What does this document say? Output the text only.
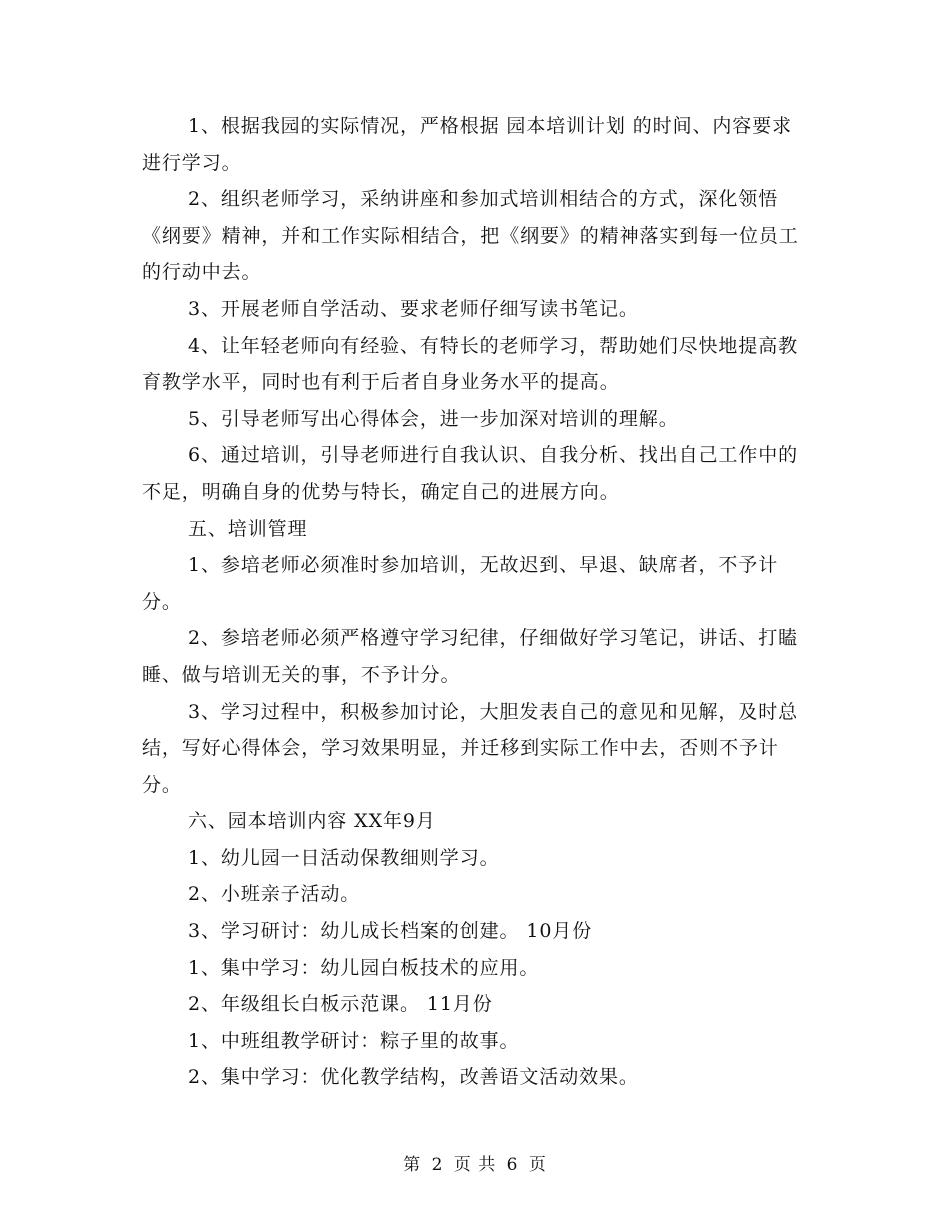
1、根据我园的实际情况，严格根据 园本培训计划 的时间、内容要求进行学习。

2、组织老师学习，采纳讲座和参加式培训相结合的方式，深化领悟《纲要》精神，并和工作实际相结合，把《纲要》的精神落实到每一位员工的行动中去。

3、开展老师自学活动、要求老师仔细写读书笔记。

4、让年轻老师向有经验、有特长的老师学习，帮助她们尽快地提高教育教学水平，同时也有利于后者自身业务水平的提高。

5、引导老师写出心得体会，进一步加深对培训的理解。

6、通过培训，引导老师进行自我认识、自我分析、找出自己工作中的不足，明确自身的优势与特长，确定自己的进展方向。

五、培训管理

1、参培老师必须准时参加培训，无故迟到、早退、缺席者，不予计分。

2、参培老师必须严格遵守学习纪律，仔细做好学习笔记，讲话、打瞌睡、做与培训无关的事，不予计分。

3、学习过程中，积极参加讨论，大胆发表自己的意见和见解，及时总结，写好心得体会，学习效果明显，并迁移到实际工作中去，否则不予计分。

六、园本培训内容 XX年9月

1、幼儿园一日活动保教细则学习。

2、小班亲子活动。

3、学习研讨：幼儿成长档案的创建。 10月份

1、集中学习：幼儿园白板技术的应用。

2、年级组长白板示范课。 11月份

1、中班组教学研讨：粽子里的故事。

2、集中学习：优化教学结构，改善语文活动效果。

第 2 页 共 6 页
